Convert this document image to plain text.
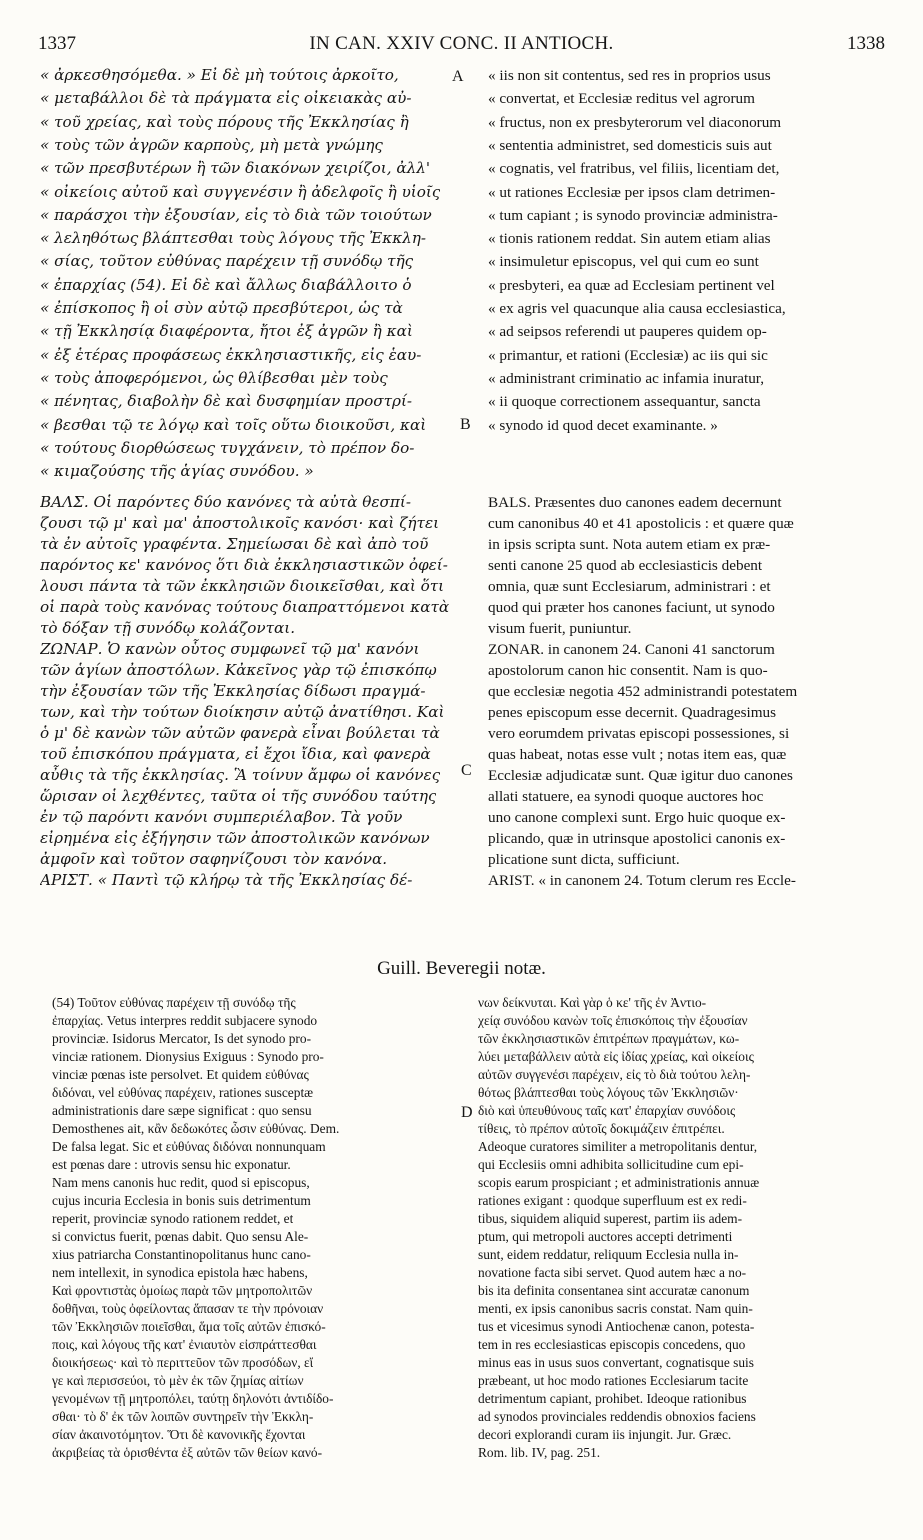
1337	IN CAN. XXIV CONC. II ANTIOCH.	1338
« ἀρκεσθησόμεθα. » Εἰ δὲ μὴ τούτοις ἀρκοῖτο,
« μεταβάλλοι δὲ τὰ πράγματα εἰς οἰκειακὰς αὐ-
« τοῦ χρείας, καὶ τοὺς πόρους τῆς Ἐκκλησίας ἢ
« τοὺς τῶν ἀγρῶν καρποὺς, μὴ μετὰ γνώμης
« τῶν πρεσβυτέρων ἢ τῶν διακόνων χειρίζοι, ἀλλ'
« οἰκείοις αὐτοῦ καὶ συγγενέσιν ἢ ἀδελφοῖς ἢ υἱοῖς
« παράσχοι τὴν ἐξουσίαν, εἰς τὸ διὰ τῶν τοιούτων
« λεληθότως βλάπτεσθαι τοὺς λόγους τῆς Ἐκκλη-
« σίας, τοῦτον εὐθύνας παρέχειν τῇ συνόδῳ τῆς
« ἐπαρχίας (54). Εἰ δὲ καὶ ἄλλως διαβάλλοιτο ὁ
« ἐπίσκοπος ἢ οἱ σὺν αὐτῷ πρεσβύτεροι, ὡς τὰ
« τῇ Ἐκκλησίᾳ διαφέροντα, ἤτοι ἐξ ἀγρῶν ἢ καὶ
« ἐξ ἑτέρας προφάσεως ἐκκλησιαστικῆς, εἰς ἑαυ-
« τοὺς ἀποφερόμενοι, ὡς θλίβεσθαι μὲν τοὺς
« πένητας, διαβολὴν δὲ καὶ δυσφημίαν προστρί-
« βεσθαι τῷ τε λόγῳ καὶ τοῖς οὕτω διοικοῦσι, καὶ
« τούτους διορθώσεως τυγχάνειν, τὸ πρέπον δο-
« κιμαζούσης τῆς ἁγίας συνόδου. »
« iis non sit contentus, sed res in proprios usus
« convertat, et Ecclesiæ reditus vel agrorum
« fructus, non ex presbyterorum vel diaconorum
« sententia administret, sed domesticis suis aut
« cognatis, vel fratribus, vel filiis, licentiam det,
« ut rationes Ecclesiæ per ipsos clam detrimen-
« tum capiant ; is synodo provinciæ administra-
« tionis rationem reddat. Sin autem etiam alias
« insimuletur episcopus, vel qui cum eo sunt
« presbyteri, ea quæ ad Ecclesiam pertinent vel
« ex agris vel quacunque alia causa ecclesiastica,
« ad seipsos referendi ut pauperes quidem op-
« primantur, et rationi (Ecclesiæ) ac iis qui sic
« administrant criminatio ac infamia inuratur,
« ii quoque correctionem assequantur, sancta
« synodo id quod decet examinante. »
ΒΑΛΣ. Οἱ παρόντες δύο κανόνες τὰ αὐτὰ θεσπί-
ζουσι τῷ μ' καὶ μα' ἀποστολικοῖς κανόσι· καὶ ζήτει
τὰ ἐν αὐτοῖς γραφέντα. Σημείωσαι δὲ καὶ ἀπὸ τοῦ
παρόντος κε' κανόνος ὅτι διὰ ἐκκλησιαστικῶν ὀφεί-
λουσι πάντα τὰ τῶν ἐκκλησιῶν διοικεῖσθαι, καὶ ὅτι
οἱ παρὰ τοὺς κανόνας τούτους διαπραττόμενοι κατὰ
τὸ δόξαν τῇ συνόδῳ κολάζονται.
ΖΩΝΑΡ. Ὁ κανὼν οὗτος συμφωνεῖ τῷ μα' κανόνι
τῶν ἁγίων ἀποστόλων. Κἀκεῖνος γὰρ τῷ ἐπισκόπῳ
τὴν ἐξουσίαν τῶν τῆς Ἐκκλησίας δίδωσι πραγμά-
των, καὶ τὴν τούτων διοίκησιν αὐτῷ ἀνατίθησι. Καὶ
ὁ μ' δὲ κανὼν τῶν αὐτῶν φανερὰ εἶναι βούλεται τὰ
τοῦ ἐπισκόπου πράγματα, εἰ ἔχοι ἴδια, καὶ φανερὰ
αὖθις τὰ τῆς ἐκκλησίας. Ἃ τοίνυν ἄμφω οἱ κανόνες
ὥρισαν οἱ λεχθέντες, ταῦτα οἱ τῆς συνόδου ταύτης
ἐν τῷ παρόντι κανόνι συμπεριέλαβον. Τὰ γοῦν
εἰρημένα εἰς ἐξήγησιν τῶν ἀποστολικῶν κανόνων
ἀμφοῖν καὶ τοῦτον σαφηνίζουσι τὸν κανόνα.
ΑΡΙΣΤ. « Παντὶ τῷ κλήρῳ τὰ τῆς Ἐκκλησίας δέ-
BALS. Præsentes duo canones eadem decernunt
cum canonibus 40 et 41 apostolicis : et quære quæ
in ipsis scripta sunt. Nota autem etiam ex præ-
senti canone 25 quod ab ecclesiasticis debent
omnia, quæ sunt Ecclesiarum, administrari : et
quod qui præter hos canones faciunt, ut synodo
visum fuerit, puniuntur.
ZONAR. in canonem 24. Canoni 41 sanctorum
apostolorum canon hic consentit. Nam is quo-
que ecclesiæ negotia 452 administrandi potestatem
penes episcopum esse decernit. Quadragesimus
vero eorumdem privatas episcopi possessiones, si
quas habeat, notas esse vult ; notas item eas, quæ
Ecclesiæ adjudicatæ sunt. Quæ igitur duo canones
allati statuere, ea synodi quoque auctores hoc
uno canone complexi sunt. Ergo huic quoque ex-
plicando, quæ in utrinsque apostolici canonis ex-
plicatione sunt dicta, sufficiunt.
ARIST. « in canonem 24. Totum clerum res Eccle-
A
B
C
D
Guill. Beveregii notæ.
(54) Τοῦτον εὐθύνας παρέχειν τῇ συνόδῳ τῆς
ἐπαρχίας. Vetus interpres reddit subjacere synodo
provinciæ. Isidorus Mercator, Is det synodo pro-
vinciæ rationem. Dionysius Exiguus : Synodo pro-
vinciæ pœnas iste persolvet. Et quidem εὐθύνας
διδόναι, vel εὐθύνας παρέχειν, rationes susceptæ
administrationis dare sæpe significat : quo sensu
Demosthenes ait, κἂν δεδωκότες ὦσιν εὐθύνας. Dem.
De falsa legat. Sic et εὐθύνας διδόναι nonnunquam
est pœnas dare : utrovis sensu hic exponatur.
Nam mens canonis huc redit, quod si episcopus,
cujus incuria Ecclesia in bonis suis detrimentum
reperit, provinciæ synodo rationem reddet, et
si convictus fuerit, pœnas dabit. Quo sensu Ale-
xius patriarcha Constantinopolitanus hunc cano-
nem intellexit, in synodica epistola hæc habens,
Καὶ φροντιστὰς ὁμοίως παρὰ τῶν μητροπολιτῶν
δοθῆναι, τοὺς ὀφείλοντας ἅπασαν τε τὴν πρόνοιαν
τῶν Ἐκκλησιῶν ποιεῖσθαι, ἅμα τοῖς αὐτῶν ἐπισκό-
ποις, καὶ λόγους τῆς κατ' ἐνιαυτὸν εἰσπράττεσθαι
διοικήσεως· καὶ τὸ περιττεῦον τῶν προσόδων, εἴ
γε καὶ περισσεύοι, τὸ μὲν ἐκ τῶν ζημίας αἰτίων
γενομένων τῇ μητροπόλει, ταύτῃ δηλονότι ἀντιδίδο-
σθαι· τὸ δ' ἐκ τῶν λοιπῶν συντηρεῖν τὴν Ἐκκλη-
σίαν ἀκαινοτόμητον. Ὅτι δὲ κανονικῆς ἔχονται
ἀκριβείας τὰ ὁρισθέντα ἐξ αὐτῶν τῶν θείων κανό-
νων δείκνυται. Καὶ γὰρ ὁ κε' τῆς ἐν Ἀντιο-
χείᾳ συνόδου κανὼν τοῖς ἐπισκόποις τὴν ἐξουσίαν
τῶν ἐκκλησιαστικῶν ἐπιτρέπων πραγμάτων, κω-
λύει μεταβάλλειν αὐτὰ εἰς ἰδίας χρείας, καὶ οἰκείοις
αὐτῶν συγγενέσι παρέχειν, εἰς τὸ διὰ τούτου λελη-
θότως βλάπτεσθαι τοὺς λόγους τῶν Ἐκκλησιῶν·
διὸ καὶ ὑπευθύνους ταῖς κατ' ἐπαρχίαν συνόδοις
τίθεις, τὸ πρέπον αὐτοῖς δοκιμάζειν ἐπιτρέπει.
Adeoque curatores similiter a metropolitanis dentur,
qui Ecclesiis omni adhibita sollicitudine cum epi-
scopis earum prospiciant ; et administrationis annuæ
rationes exigant : quodque superfluum est ex redi-
tibus, siquidem aliquid superest, partim iis adem-
ptum, qui metropoli auctores accepti detrimenti
sunt, eidem reddatur, reliquum Ecclesia nulla in-
novatione facta sibi servet. Quod autem hæc a no-
bis ita definita consentanea sint accuratæ canonum
menti, ex ipsis canonibus sacris constat. Nam quin-
tus et vicesimus synodi Antiochenæ canon, potesta-
tem in res ecclesiasticas episcopis concedens, quo
minus eas in usus suos convertant, cognatisque suis
præbeant, ut hoc modo rationes Ecclesiarum tacite
detrimentum capiant, prohibet. Ideoque rationibus
ad synodos provinciales reddendis obnoxios faciens
decori explorandi curam iis injungit. Jur. Græc.
Rom. lib. IV, pag. 251.
